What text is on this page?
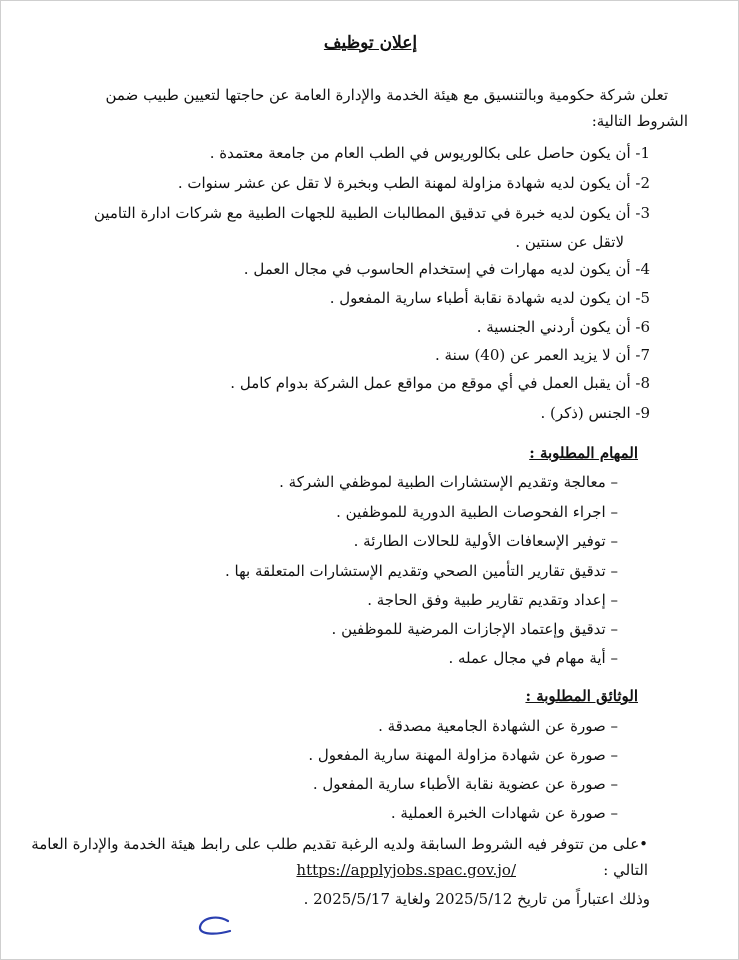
إعلان توظيف
تعلن شركة حكومية وبالتنسيق مع هيئة الخدمة والإدارة العامة عن حاجتها لتعيين طبيب ضمن
الشروط التالية:
1- أن يكون حاصل على بكالوريوس في الطب العام من جامعة معتمدة .
2- أن يكون لديه شهادة مزاولة لمهنة الطب وبخبرة لا تقل عن عشر سنوات .
3- أن يكون لديه خبرة في تدقيق المطالبات الطبية للجهات الطبية مع شركات ادارة التامين
لاتقل عن سنتين .
4- أن يكون لديه مهارات في إستخدام الحاسوب في مجال العمل .
5- ان يكون لديه شهادة نقابة أطباء سارية المفعول .
6- أن يكون أردني الجنسية .
7- أن لا يزيد العمر عن (40) سنة .
8- أن يقبل العمل في أي موقع من مواقع عمل الشركة بدوام كامل .
9- الجنس (ذكر) .
المهام المطلوبة :
– معالجة وتقديم الإستشارات الطبية لموظفي الشركة .
– اجراء الفحوصات الطبية الدورية للموظفين .
– توفير الإسعافات الأولية للحالات الطارئة .
– تدقيق تقارير التأمين الصحي وتقديم الإستشارات المتعلقة بها .
– إعداد وتقديم تقارير طبية وفق الحاجة .
– تدقيق وإعتماد الإجازات المرضية للموظفين .
– أية مهام في مجال عمله .
الوثائق المطلوبة :
– صورة عن الشهادة الجامعية مصدقة .
– صورة عن شهادة مزاولة المهنة سارية المفعول .
– صورة عن عضوية نقابة الأطباء سارية المفعول .
– صورة عن شهادات الخبرة العملية .
•على من تتوفر فيه الشروط السابقة ولديه الرغبة تقديم طلب على رابط هيئة الخدمة والإدارة العامة
التالي :
https://applyjobs.spac.gov.jo/
وذلك اعتباراً من تاريخ 2025/5/12 ولغاية 2025/5/17 .
